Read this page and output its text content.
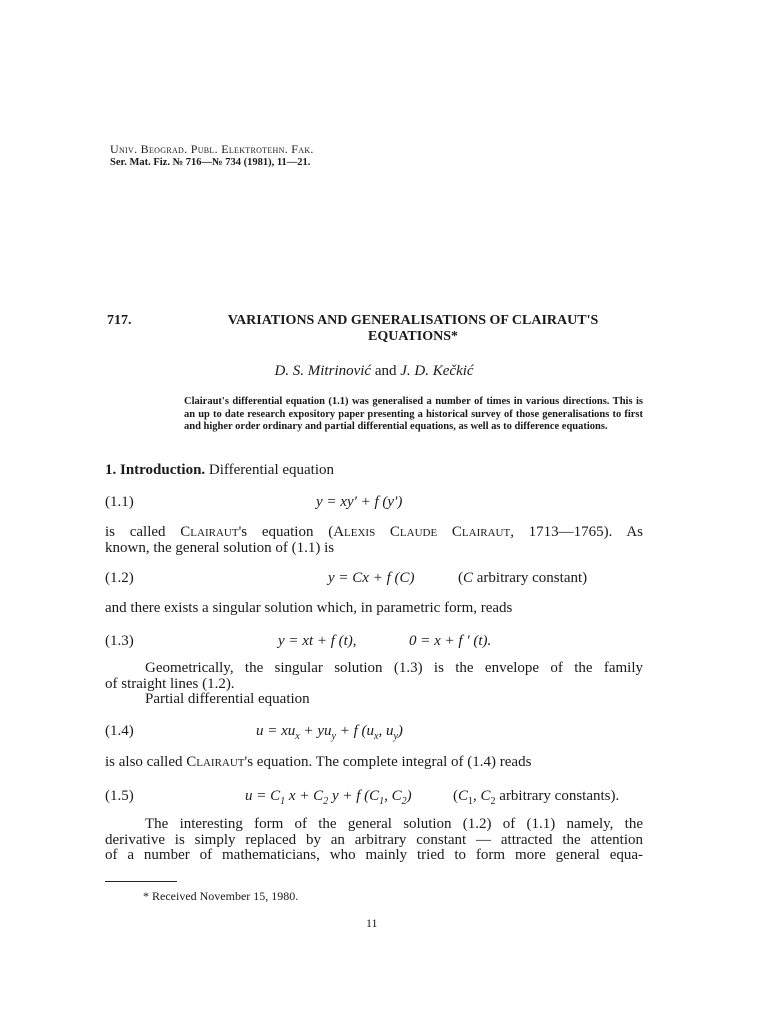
Univ. Beograd. Publ. Elektrotehn. Fak.
Ser. Mat. Fiz. № 716—№ 734 (1981), 11—21.
717.	VARIATIONS AND GENERALISATIONS OF CLAIRAUT'S
EQUATIONS*
D. S. Mitrinović and J. D. Kečkić
Clairaut's differential equation (1.1) was generalised a number of times in various directions. This is an up to date research expository paper presenting a historical survey of those generalisations to first and higher order ordinary and partial differential equations, as well as to difference equations.
1. Introduction. Differential equation
(1.1)	y = xy′ + f (y′)
is called Clairaut's equation (Alexis Claude Clairaut, 1713—1765). As
known, the general solution of (1.1) is
(1.2)	y = Cx + f (C)	(C arbitrary constant)
and there exists a singular solution which, in parametric form, reads
(1.3)	y = xt + f (t),	0 = x + f ′ (t).
Geometrically, the singular solution (1.3) is the envelope of the family
of straight lines (1.2).
Partial differential equation
(1.4)	$u = xu_x + yu_y + f$ ($u_x$, $u_y$)
is also called Clairaut's equation. The complete integral of (1.4) reads
(1.5)	$u = C_1$ $x + C_2$ y + f ($C_1$, $C_2$)	($C_1$, $C_2$ arbitrary constants).
The interesting form of the general solution (1.2) of (1.1) namely, the
derivative is simply replaced by an arbitrary constant — attracted the attention
of a number of mathematicians, who mainly tried to form more general equa-
* Received November 15, 1980.
11
